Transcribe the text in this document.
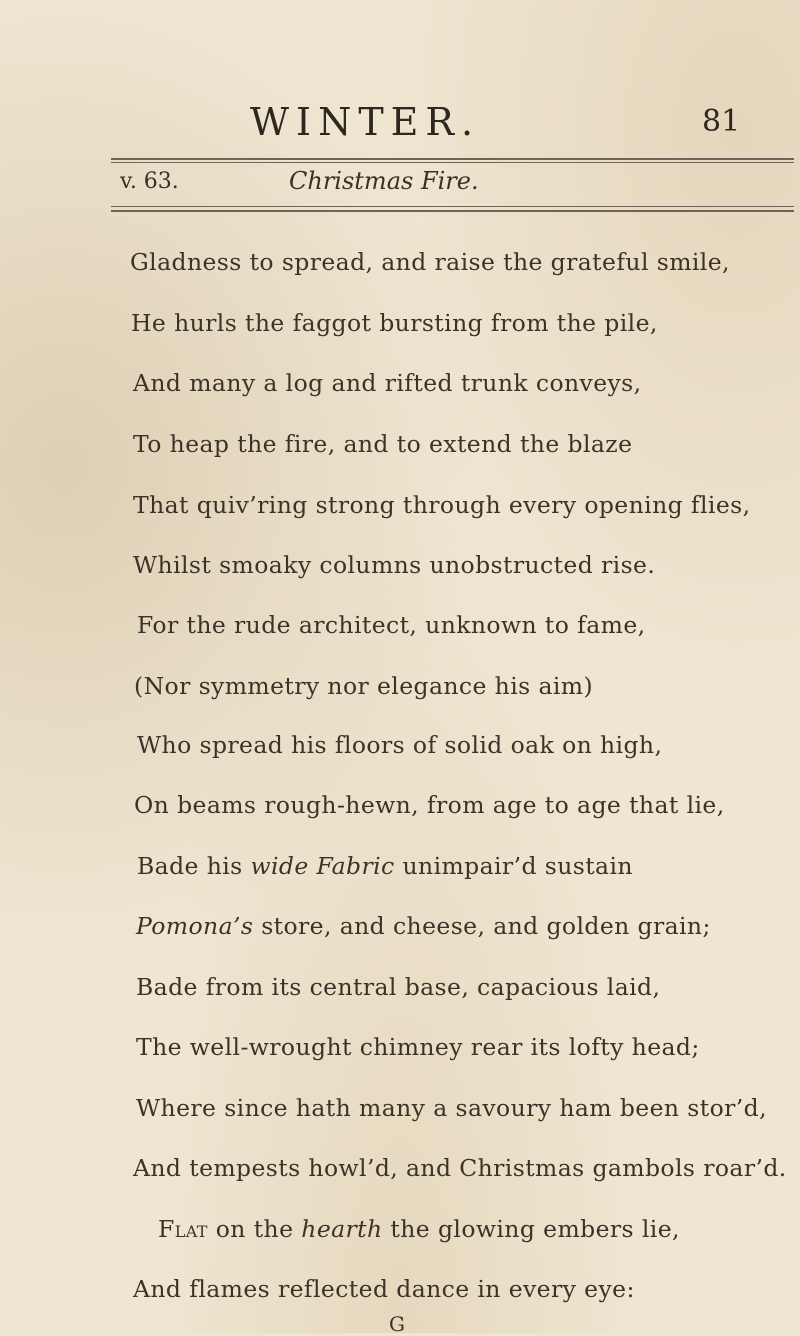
WINTER.	81
v. 63.	Christmas Fire.
Gladness to spread, and raise the grateful smile,
He hurls the faggot bursting from the pile,
And many a log and rifted trunk conveys,
To heap the fire, and to extend the blaze
That quiv’ring strong through every opening flies,
Whilst smoaky columns unobstructed rise.
For the rude architect, unknown to fame,
(Nor symmetry nor elegance his aim)
Who spread his floors of solid oak on high,
On beams rough-hewn, from age to age that lie,
Bade his wide Fabric unimpair’d sustain
Pomona’s store, and cheese, and golden grain;
Bade from its central base, capacious laid,
The well-wrought chimney rear its lofty head;
Where since hath many a savoury ham been stor’d,
And tempests howl’d, and Christmas gambols roar’d.
Flat on the hearth the glowing embers lie,
And flames reflected dance in every eye:
G
